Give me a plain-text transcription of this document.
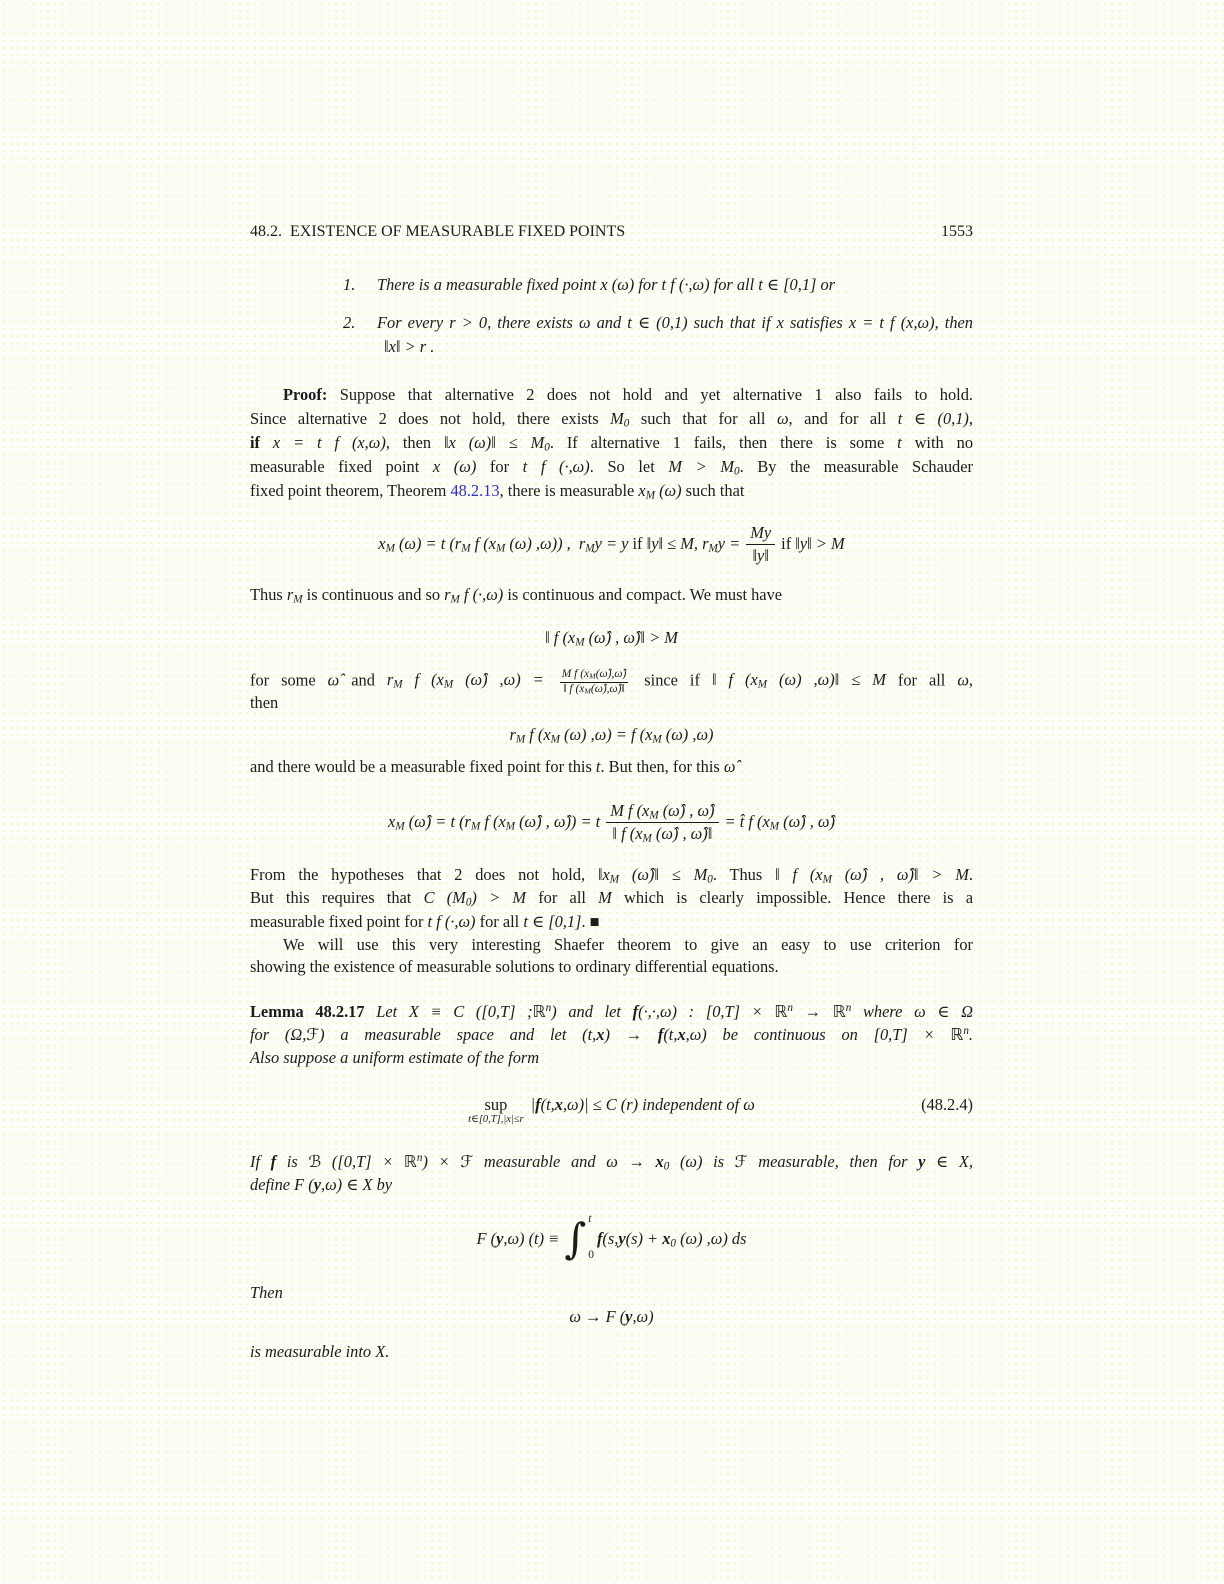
48.2.  EXISTENCE OF MEASURABLE FIXED POINTS	1553
1. There is a measurable fixed point x (ω) for t f (·,ω) for all t ∈ [0,1] or
2. For every r > 0, there exists ω and t ∈ (0,1) such that if x satisfies x = t f (x,ω), then
‖x‖ > r .
Proof: Suppose that alternative 2 does not hold and yet alternative 1 also fails to hold.
Since alternative 2 does not hold, there exists $M_0$ such that for all ω, and for all t ∈ (0,1),
if x = t f (x,ω), then ‖x (ω)‖ ≤ $M_0$. If alternative 1 fails, then there is some t with no
measurable fixed point x (ω) for t f (·,ω). So let $M > M_0$. By the measurable Schauder
fixed point theorem, Theorem 48.2.13, there is measurable $x_M$ (ω) such that
$x_M$ (ω) = t ($r_M$ f ($x_M$ (ω) ,ω)) ,  $r_My = y$ if ‖y‖ ≤ M, $r_My = \frac{My}{‖y‖}$ if ‖y‖ > M
Thus $r_M$ is continuous and so $r_M$ f (·,ω) is continuous and compact. We must have
‖ f ($x_M$ (ω̂) , ω̂)‖ > M
for some ω̂ and $r_M$ f ($x_M$ (ω̂) $,\omega) = \frac{M f (x_M(\omegâ),\omegâ)}{‖ f (x_M(\omegâ),\omegâ)‖}$ since if ‖ f ($x_M$ (ω) ,ω)‖ ≤ M for all ω,
then
$r_M$ f ($x_M$ (ω) ,ω) = f ($x_M$ (ω) ,ω)
and there would be a measurable fixed point for this t. But then, for this ω̂
$x_M$ (ω̂) = t ($r_M$ f ($x_M$ (ω̂) , ω̂)) = t $\frac{M f (x_M (\omegâ) , \omegâ)}{‖ f (x_M (\omegâ) , \omegâ)‖}$ = t̂ f ($x_M$ (ω̂) , ω̂)
From the hypotheses that 2 does not hold, $‖x_M$ (ω̂)‖ ≤ $M_0$. Thus ‖ f ($x_M$ (ω̂) , ω̂)‖ > M.
But this requires that C $(M_0) > M$ for all M which is clearly impossible. Hence there is a
measurable fixed point for t f (·,ω) for all t ∈ [0,1]. ■
We will use this very interesting Shaefer theorem to give an easy to use criterion for
showing the existence of measurable solutions to ordinary differential equations.
Lemma 48.2.17 Let X ≡ C ([0,T] ;ℝ$^n$) and let f(·,·,ω) : [0,T] × ℝ$^n$ → ℝ$^n$ where ω ∈ Ω
for (Ω,ℱ) a measurable space and let (t,x) → f(t,x,ω) be continuous on [0,T] × ℝ$^n$.
Also suppose a uniform estimate of the form
sup
t∈[0,T],|x|≤r
|f(t,x,ω)| ≤ C (r) independent of ω	(48.2.4)
If f is ℬ ([0,T] × ℝ$^n$) × ℱ measurable and $\omega \to x_0$ (ω) is ℱ measurable, then for y ∈ X,
define F (y,ω) ∈ X by
F ( y ,ω) (t) ≡ ∫ t
0
f (s, y (s) + x $_0$ (ω) ,ω) ds
Then
ω → F (y,ω)
is measurable into X.
